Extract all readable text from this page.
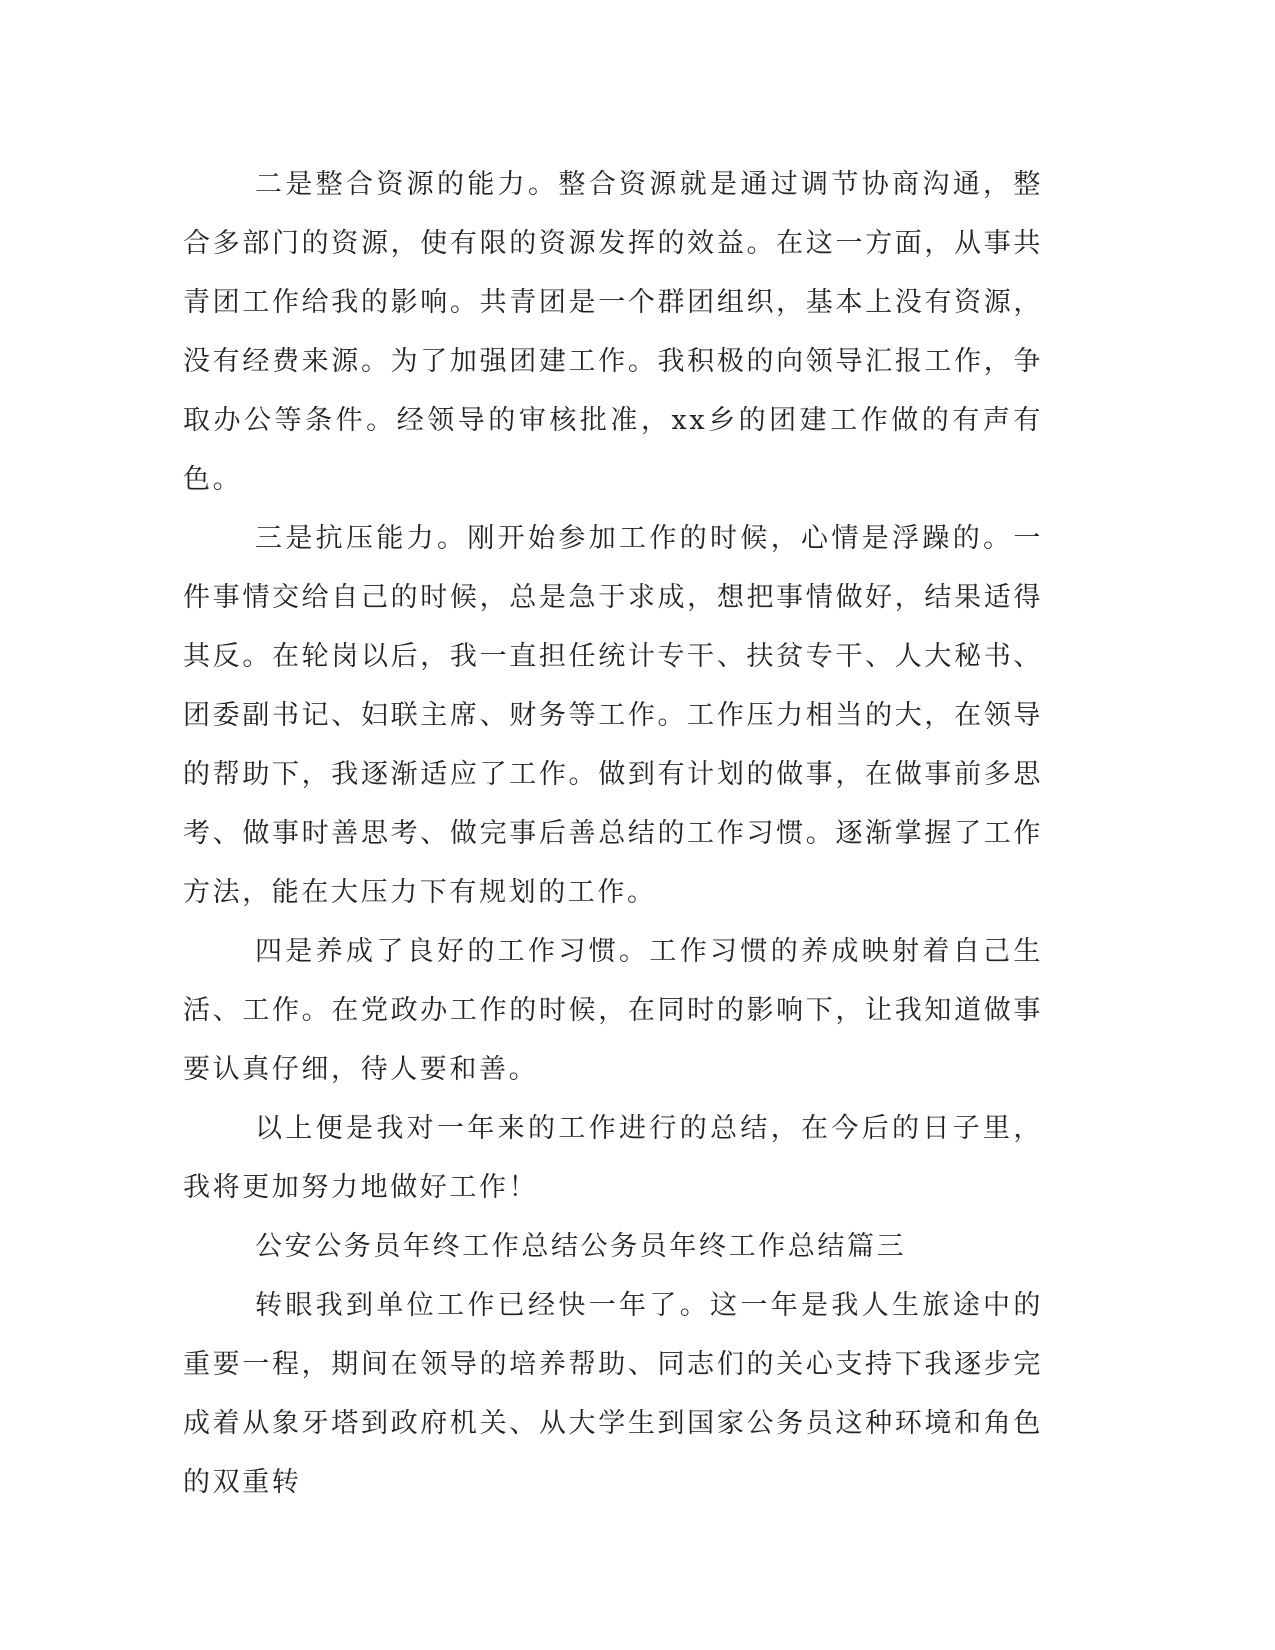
二是整合资源的能力。整合资源就是通过调节协商沟通，整合多部门的资源，使有限的资源发挥的效益。在这一方面，从事共青团工作给我的影响。共青团是一个群团组织，基本上没有资源，没有经费来源。为了加强团建工作。我积极的向领导汇报工作，争取办公等条件。经领导的审核批准，xx乡的团建工作做的有声有色。

三是抗压能力。刚开始参加工作的时候，心情是浮躁的。一件事情交给自己的时候，总是急于求成，想把事情做好，结果适得其反。在轮岗以后，我一直担任统计专干、扶贫专干、人大秘书、团委副书记、妇联主席、财务等工作。工作压力相当的大，在领导的帮助下，我逐渐适应了工作。做到有计划的做事，在做事前多思考、做事时善思考、做完事后善总结的工作习惯。逐渐掌握了工作方法，能在大压力下有规划的工作。

四是养成了良好的工作习惯。工作习惯的养成映射着自己生活、工作。在党政办工作的时候，在同时的影响下，让我知道做事要认真仔细，待人要和善。

以上便是我对一年来的工作进行的总结，在今后的日子里，我将更加努力地做好工作！

公安公务员年终工作总结公务员年终工作总结篇三

转眼我到单位工作已经快一年了。这一年是我人生旅途中的重要一程，期间在领导的培养帮助、同志们的关心支持下我逐步完成着从象牙塔到政府机关、从大学生到国家公务员这种环境和角色的双重转
